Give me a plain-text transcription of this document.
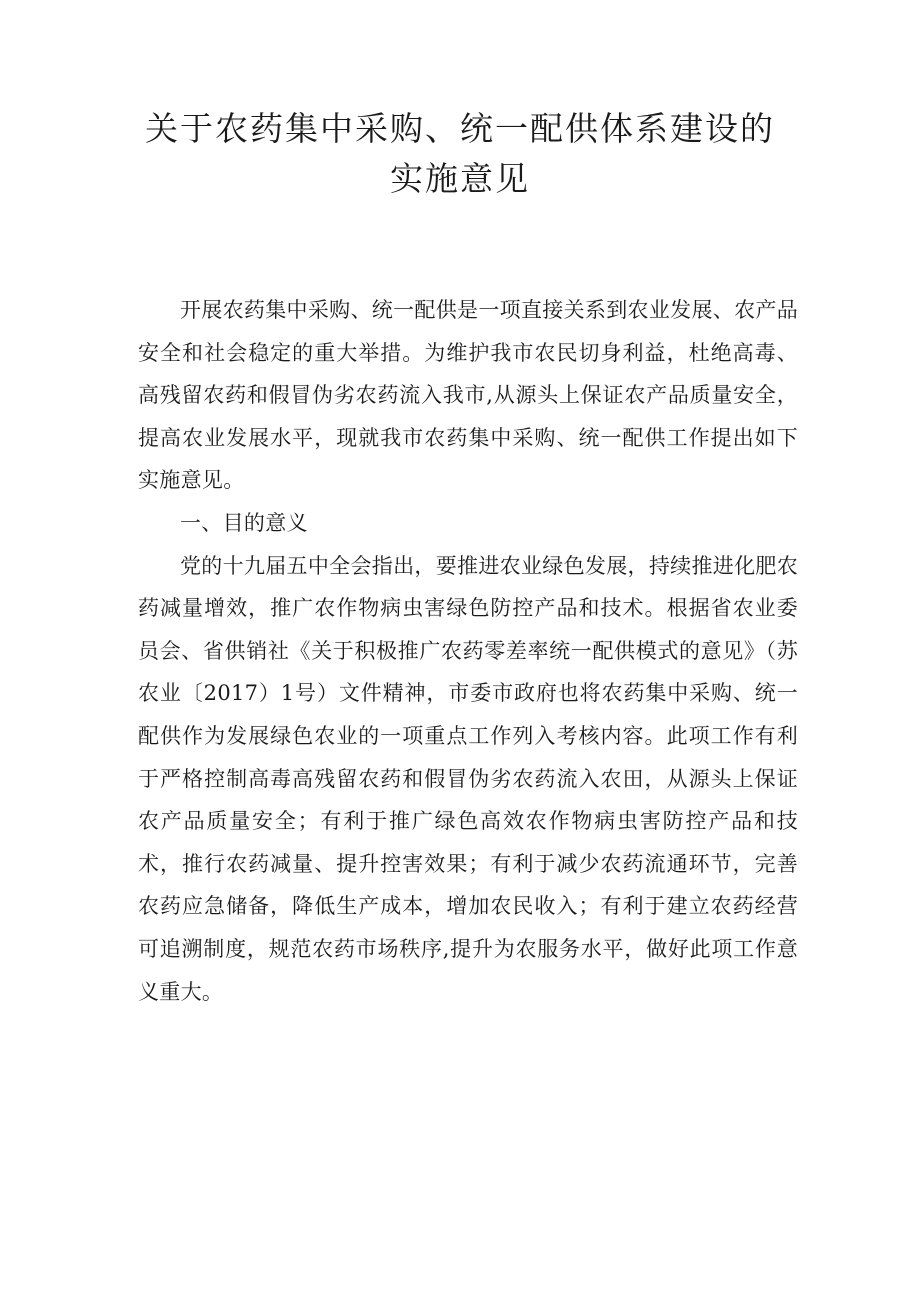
关于农药集中采购、统一配供体系建设的实施意见

开展农药集中采购、统一配供是一项直接关系到农业发展、农产品安全和社会稳定的重大举措。为维护我市农民切身利益，杜绝高毒、高残留农药和假冒伪劣农药流入我市,从源头上保证农产品质量安全，提高农业发展水平，现就我市农药集中采购、统一配供工作提出如下实施意见。

一、目的意义

党的十九届五中全会指出，要推进农业绿色发展，持续推进化肥农药减量增效，推广农作物病虫害绿色防控产品和技术。根据省农业委员会、省供销社《关于积极推广农药零差率统一配供模式的意见》（苏农业〔2017）1号）文件精神，市委市政府也将农药集中采购、统一配供作为发展绿色农业的一项重点工作列入考核内容。此项工作有利于严格控制高毒高残留农药和假冒伪劣农药流入农田，从源头上保证农产品质量安全；有利于推广绿色高效农作物病虫害防控产品和技术，推行农药减量、提升控害效果；有利于减少农药流通环节，完善农药应急储备，降低生产成本，增加农民收入；有利于建立农药经营可追溯制度，规范农药市场秩序,提升为农服务水平，做好此项工作意义重大。
